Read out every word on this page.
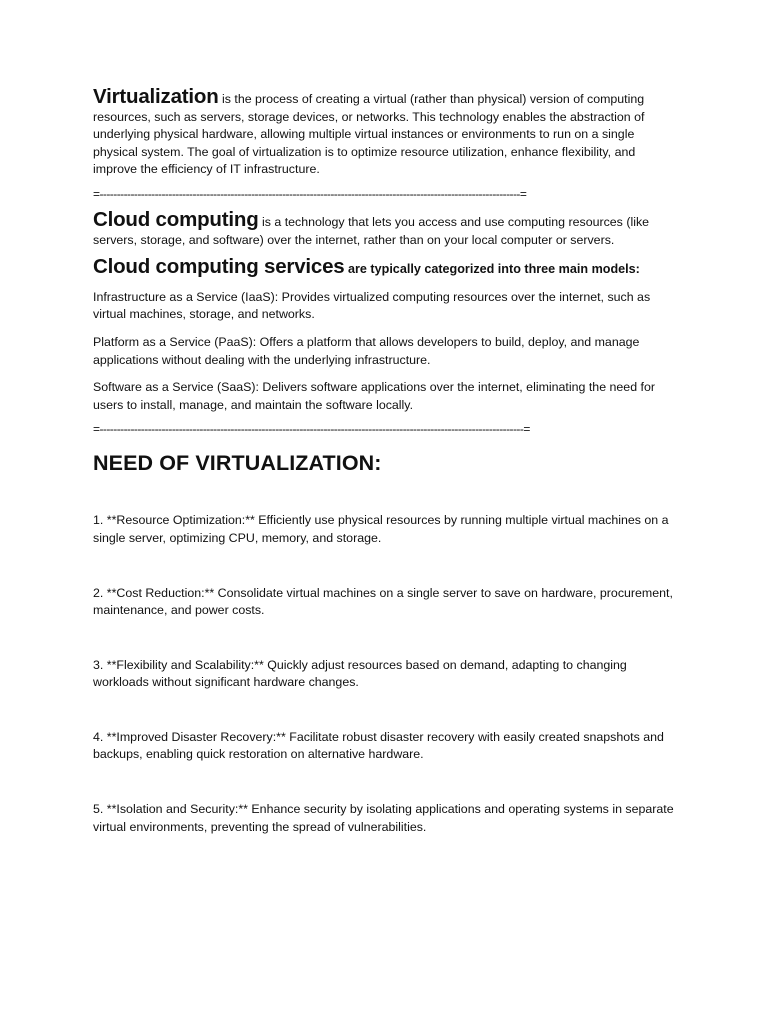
Virtualization is the process of creating a virtual (rather than physical) version of computing resources, such as servers, storage devices, or networks. This technology enables the abstraction of underlying physical hardware, allowing multiple virtual instances or environments to run on a single physical system. The goal of virtualization is to optimize resource utilization, enhance flexibility, and improve the efficiency of IT infrastructure.

=--------------------------------------------------------------------------------------------------------------------------=

Cloud computing is a technology that lets you access and use computing resources (like servers, storage, and software) over the internet, rather than on your local computer or servers.

Cloud computing services are typically categorized into three main models:

Infrastructure as a Service (IaaS): Provides virtualized computing resources over the internet, such as virtual machines, storage, and networks.

Platform as a Service (PaaS): Offers a platform that allows developers to build, deploy, and manage applications without dealing with the underlying infrastructure.

Software as a Service (SaaS): Delivers software applications over the internet, eliminating the need for users to install, manage, and maintain the software locally.

=---------------------------------------------------------------------------------------------------------------------------=

NEED OF VIRTUALIZATION:

1. **Resource Optimization:** Efficiently use physical resources by running multiple virtual machines on a single server, optimizing CPU, memory, and storage.

2. **Cost Reduction:** Consolidate virtual machines on a single server to save on hardware, procurement, maintenance, and power costs.

3. **Flexibility and Scalability:** Quickly adjust resources based on demand, adapting to changing workloads without significant hardware changes.

4. **Improved Disaster Recovery:** Facilitate robust disaster recovery with easily created snapshots and backups, enabling quick restoration on alternative hardware.

5. **Isolation and Security:** Enhance security by isolating applications and operating systems in separate virtual environments, preventing the spread of vulnerabilities.
